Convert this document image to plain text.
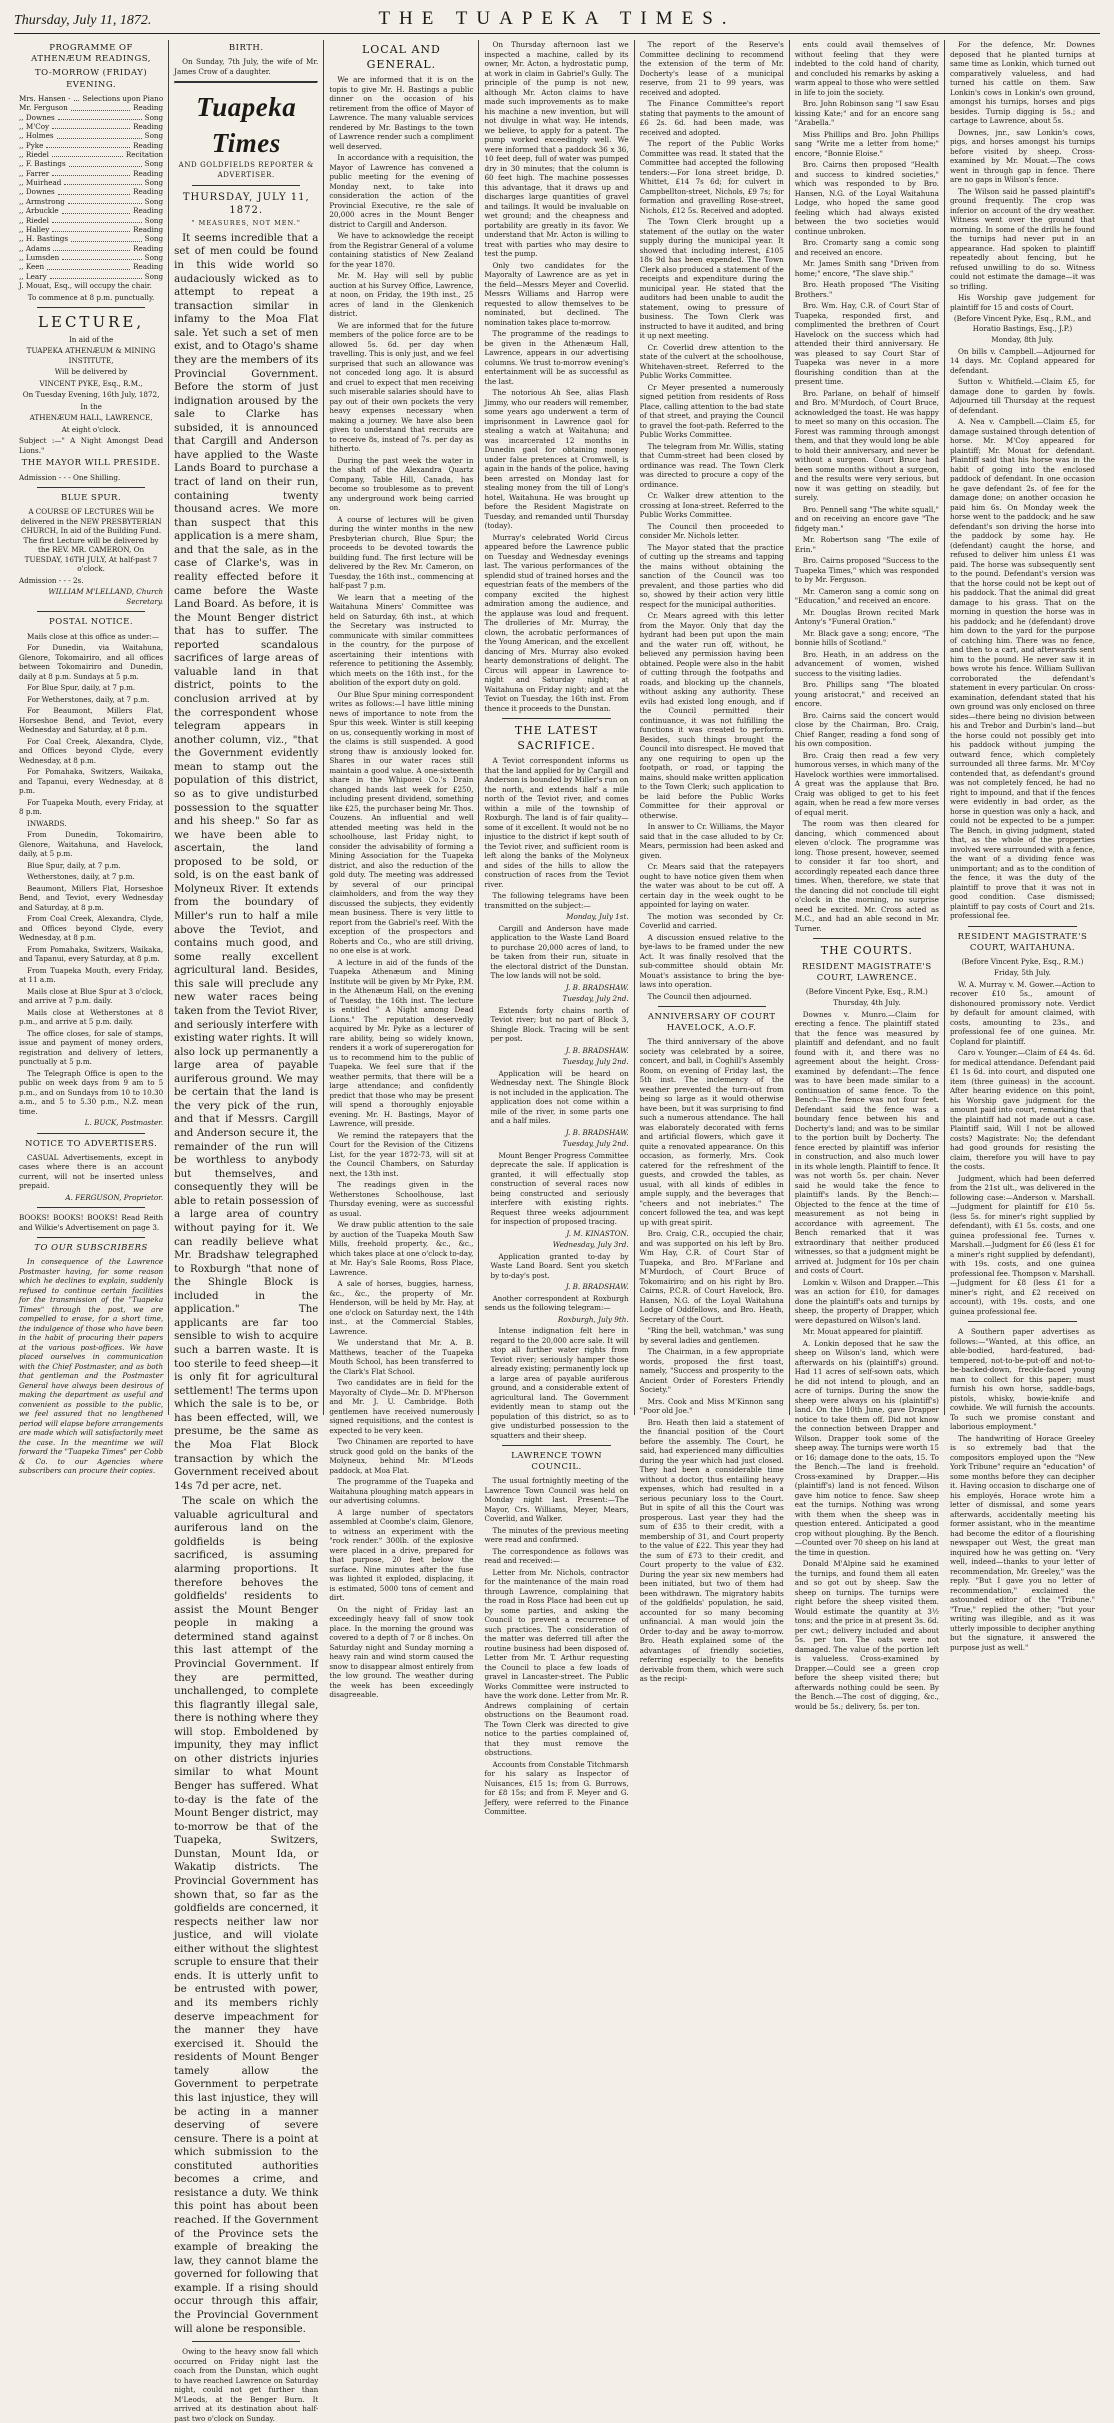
Thursday, July 11, 1872.	THE TUAPEKA TIMES.

PROGRAMME OF ATHENÆUM READINGS,

TO-MORROW (FRIDAY) EVENING.

Mrs. Hansen - Selections upon Piano
Mr. Ferguson	Reading
,, Downes	Song
,, M'Coy	Reading
,, Holmes	Song
,, Pyke	Reading
,, Riedel	Recitation
,, F. Bastings	Song
,, Farrer	Reading
,, Muirhead	Song
,, Downes	Reading
,, Armstrong	Song
,, Arbuckle	Reading
,, Riedel	Song
,, Halley	Reading
,, H. Bastings	Song
,, Adams	Reading
,, Lumsden	Song
,, Keen	Reading
,, Leary	Song

J. Mouat, Esq., will occupy the chair.

To commence at 8 p.m. punctually.

LECTURE,

In aid of the

TUAPEKA ATHENÆUM & MINING INSTITUTE,

Will be delivered by

VINCENT PYKE, Esq., R.M.,

On Tuesday Evening, 16th July, 1872,

In the

ATHENÆUM HALL, LAWRENCE,

At eight o'clock.

Subject :—" A Night Amongst Dead Lions."

THE MAYOR WILL PRESIDE.

Admission - - - One Shilling.

BLUE SPUR.

A COURSE OF LECTURES Will be delivered in the NEW PRESBYTERIAN CHURCH, In aid of the Building Fund. The first Lecture will be delivered by the REV. MR. CAMERON, On TUESDAY, 16TH JULY, At half-past 7 o'clock.

Admission - - - 2s.

WILLIAM M'LELLAND, Church Secretary.

POSTAL NOTICE.

Mails close at this office as under:—

For Dunedin, via Waitahuna, Glenore, Tokomairiro, and all offices between Tokomairiro and Dunedin, daily at 8 p.m. Sundays at 5 p.m.

For Blue Spur, daily, at 7 p.m.

For Wetherstones, daily, at 7 p.m.

For Beaumont, Millers Flat, Horseshoe Bend, and Teviot, every Wednesday and Saturday, at 8 p.m.

For Coal Creek, Alexandra, Clyde, and Offices beyond Clyde, every Wednesday, at 8 p.m.

For Pomahaka, Switzers, Waikaka, and Tapanui, every Wednesday, at 8 p.m.

For Tuapeka Mouth, every Friday, at 8 p.m.

INWARDS.

From Dunedin, Tokomairiro, Glenore, Waitahuna, and Havelock, daily, at 5 p.m.

Blue Spur, daily, at 7 p.m.

Wetherstones, daily, at 7 p.m.

Beaumont, Millers Flat, Horseshoe Bend, and Teviot, every Wednesday and Saturday, at 8 p.m.

From Coal Creek, Alexandra, Clyde, and Offices beyond Clyde, every Wednesday, at 8 p.m.

From Pomahaka, Switzers, Waikaka, and Tapanui, every Saturday, at 8 p.m.

From Tuapeka Mouth, every Friday, at 11 a.m.

Mails close at Blue Spur at 3 o'clock, and arrive at 7 p.m. daily.

Mails close at Wetherstones at 8 p.m., and arrive at 5 p.m. daily.

The office closes, for sale of stamps, issue and payment of money orders, registration and delivery of letters, punctually at 5 p.m.

The Telegraph Office is open to the public on week days from 9 am to 5 p.m., and on Sundays from 10 to 10.30 a.m., and 5 to 5.30 p.m., N.Z. mean time.

L. BUCK, Postmaster.

NOTICE TO ADVERTISERS.

CASUAL Advertisements, except in cases where there is an account current, will not be inserted unless prepaid.

A. FERGUSON, Proprietor.

BOOKS! BOOKS! BOOKS! Read Reith and Wilkie's Advertisement on page 3.

TO OUR SUBSCRIBERS

In consequence of the Lawrence Postmaster having, for some reason which he declines to explain, suddenly refused to continue certain facilities for the transmission of the "Tuapeka Times" through the post, we are compelled to erase, for a short time, the indulgence of those who have been in the habit of procuring their papers at the various post-offices. We have placed ourselves in communication with the Chief Postmaster, and as both that gentleman and the Postmaster General have always been desirous of making the department as useful and convenient as possible to the public, we feel assured that no lengthened period will elapse before arrangements are made which will satisfactorily meet the case. In the meantime we will forward the "Tuapeka Times" per Cobb & Co. to our Agencies where subscribers can procure their copies.

BIRTH.

On Sunday, 7th July, the wife of Mr. James Crow of a daughter.

Tuapeka Times
AND GOLDFIELDS REPORTER & ADVERTISER.
THURSDAY, JULY 11, 1872.
" MEASURES, NOT MEN."

It seems incredible that a set of men could be found in this wide world so audaciously wicked as to attempt to repeat a transaction similar in infamy to the Moa Flat sale. Yet such a set of men exist, and to Otago's shame they are the members of its Provincial Government. Before the storm of just indignation aroused by the sale to Clarke has subsided, it is announced that Cargill and Anderson have applied to the Waste Lands Board to purchase a tract of land on their run, containing twenty thousand acres. We more than suspect that this application is a mere sham, and that the sale, as in the case of Clarke's, was in reality effected before it came before the Waste Land Board. As before, it is the Mount Benger district that has to suffer. The reported scandalous sacrifices of large areas of valuable land in that district, points to the conclusion arrived at by the correspondent whose telegram appears in another column, viz., "that the Government evidently mean to stamp out the population of this district, so as to give undisturbed possession to the squatter and his sheep." So far as we have been able to ascertain, the land proposed to be sold, or sold, is on the east bank of Molyneux River. It extends from the boundary of Miller's run to half a mile above the Teviot, and contains much good, and some really excellent agricultural land. Besides, this sale will preclude any new water races being taken from the Teviot River, and seriously interfere with existing water rights. It will also lock up permanently a large area of payable auriferous ground. We may be certain that the land is the very pick of the run, and that if Messrs. Cargill and Anderson secure it, the remainder of the run will be worthless to anybody but themselves, and consequently they will be able to retain possession of a large area of country without paying for it. We can readily believe what Mr. Bradshaw telegraphed to Roxburgh "that none of the Shingle Block is included in the application." The applicants are far too sensible to wish to acquire such a barren waste. It is too sterile to feed sheep—it is only fit for agricultural settlement! The terms upon which the sale is to be, or has been effected, will, we presume, be the same as the Moa Flat Block transaction by which the Government received about 14s 7d per acre, net.

The scale on which the valuable agricultural and auriferous land on the goldfields is being sacrificed, is assuming alarming proportions. It therefore behoves the goldfields' residents to assist the Mount Benger people in making a determined stand against this last attempt of the Provincial Government. If they are permitted, unchallenged, to complete this flagrantly illegal sale, there is nothing where they will stop. Emboldened by impunity, they may inflict on other districts injuries similar to what Mount Benger has suffered. What to-day is the fate of the Mount Benger district, may to-morrow be that of the Tuapeka, Switzers, Dunstan, Mount Ida, or Wakatip districts. The Provincial Government has shown that, so far as the goldfields are concerned, it respects neither law nor justice, and will violate either without the slightest scruple to ensure that their ends. It is utterly unfit to be entrusted with power, and its members richly deserve impeachment for the manner they have exercised it. Should the residents of Mount Benger tamely allow the Government to perpetrate this last injustice, they will be acting in a manner deserving of severe censure. There is a point at which submission to the constituted authorities becomes a crime, and resistance a duty. We think this point has about been reached. If the Government of the Province sets the example of breaking the law, they cannot blame the governed for following that example. If a rising should occur through this affair, the Provincial Government will alone be responsible.

Owing to the heavy snow fall which occurred on Friday night last the coach from the Dunstan, which ought to have reached Lawrence on Saturday night, could not get further than M'Leods, at the Benger Burn. It arrived at its destination about half-past two o'clock on Sunday.

LOCAL AND GENERAL.

We are informed that it is on the topis to give Mr. H. Bastings a public dinner on the occasion of his retirement from the office of Mayor of Lawrence. The many valuable services rendered by Mr. Bastings to the town of Lawrence render such a compliment well deserved.

In accordance with a requisition, the Mayor of Lawrence has convened a public meeting for the evening of Monday next, to take into consideration the action of the Provincial Executive, re the sale of 20,000 acres in the Mount Benger district to Cargill and Anderson.

We have to acknowledge the receipt from the Registrar General of a volume containing statistics of New Zealand for the year 1870.

Mr. M. Hay will sell by public auction at his Survey Office, Lawrence, at noon, on Friday, the 19th inst., 25 acres of land in the Glenkenich district.

We are informed that for the future members of the police force are to be allowed 5s. 6d. per day when travelling. This is only just, and we feel surprised that such an allowance was not conceded long ago. It is absurd and cruel to expect that men receiving such miserable salaries should have to pay out of their own pockets the very heavy expenses necessary when making a journey. We have also been given to understand that recruits are to receive 8s, instead of 7s. per day as hitherto.

During the past week the water in the shaft of the Alexandra Quartz Company, Table Hill, Canada, has become so troublesome as to prevent any underground work being carried on.

A course of lectures will be given during the winter months in the new Presbyterian church, Blue Spur; the proceeds to be devoted towards the building fund. The first lecture will be delivered by the Rev. Mr. Cameron, on Tuesday, the 16th inst., commencing at half-past 7 p.m.

We learn that a meeting of the Waitahuna Miners' Committee was held on Saturday, 6th inst., at which the Secretary was instructed to communicate with similar committees in the country, for the purpose of ascertaining their intentions with reference to petitioning the Assembly, which meets on the 16th inst., for the abolition of the export duty on gold.

Our Blue Spur mining correspondent writes as follows:—I have little mining news of importance to note from the Spur this week. Winter is still keeping on us, consequently working in most of the claims is still suspended. A good strong thaw is anxiously looked for. Shares in our water races still maintain a good value. A one-sixteenth share in the Whiporei Co.'s Drain changed hands last week for £250, including present dividend, something like £25, the purchaser being Mr. Thos. Couzens. An influential and well attended meeting was held in the schoolhouse, last Friday night, to consider the advisability of forming a Mining Association for the Tuapeka district, and also the reduction of the gold duty. The meeting was addressed by several of our principal claimholders, and from the way they discussed the subjects, they evidently mean business. There is very little to report from the Gabriel's reef. With the exception of the prospectors and Roberts and Co., who are still driving, no one else is at work.

A lecture in aid of the funds of the Tuapeka Athenæum and Mining Institute will be given by Mr Pyke, P.M. in the Athenæum Hall, on the evening of Tuesday, the 16th inst. The lecture is entitled " A Night among Dead Lions." The reputation deservedly acquired by Mr. Pyke as a lecturer of rare ability, being so widely known, renders it a work of supererogation for us to recommend him to the public of Tuapeka. We feel sure that if the weather permits, that there will be a large attendance; and confidently predict that those who may be present will spend a thoroughly enjoyable evening. Mr. H. Bastings, Mayor of Lawrence, will preside.

We remind the ratepayers that the Court for the Revision of the Citizens List, for the year 1872-73, will sit at the Council Chambers, on Saturday next, the 13th inst.

The readings given in the Wetherstones Schoolhouse, last Thursday evening, were as successful as usual.

We draw public attention to the sale by auction of the Tuapeka Mouth Saw Mills, freehold property, &c., &c., which takes place at one o'clock to-day, at Mr. Hay's Sale Rooms, Ross Place, Lawrence.

A sale of horses, buggies, harness, &c., &c., the property of Mr. Henderson, will be held by Mr. Hay, at one o'clock on Saturday next, the 14th inst., at the Commercial Stables, Lawrence.

We understand that Mr. A. B. Matthews, teacher of the Tuapeka Mouth School, has been transferred to the Clark's Flat School.

Two candidates are in field for the Mayoralty of Clyde—Mr. D. M'Pherson and Mr. J. U. Cambridge. Both gentlemen have received numerously signed requisitions, and the contest is expected to be very keen.

Two Chinamen are reported to have struck good gold on the banks of the Molyneux, behind Mr. M'Leods paddock, at Moa Flat.

The programme of the Tuapeka and Waitahuna ploughing match appears in our advertising columns.

A large number of spectators assembled at Coombe's claim, Glenore, to witness an experiment with the "rock render." 300lb. of the explosive were placed in a drive, prepared for that purpose, 20 feet below the surface. Nine minutes after the fuse was lighted it exploded, displacing, it is estimated, 5000 tons of cement and dirt.

On the night of Friday last an exceedingly heavy fall of snow took place. In the morning the ground was covered to a depth of 7 or 8 inches. On Saturday night and Sunday morning a heavy rain and wind storm caused the snow to disappear almost entirely from the low ground. The weather during the week has been exceedingly disagreeable.

On Thursday afternoon last we inspected a machine, called by its owner, Mr. Acton, a hydrostatic pump, at work in claim in Gabriel's Gully. The principle of the pump is not new, although Mr. Acton claims to have made such improvements as to make his machine a new invention, but will not divulge in what way. He intends, we believe, to apply for a patent. The pump worked exceedingly well. We were informed that a paddock 36 x 36, 10 feet deep, full of water was pumped dry in 30 minutes; that the column is 60 feet high. The machine possesses this advantage, that it draws up and discharges large quantities of gravel and tailings. It would be invaluable on wet ground; and the cheapness and portability are greatly in its favor. We understand that Mr. Acton is willing to treat with parties who may desire to test the pump.

Only two candidates for the Mayoralty of Lawrence are as yet in the field—Messrs Meyer and Coverlid. Messrs Williams and Harrop were requested to allow themselves to be nominated, but declined. The nomination takes place to-morrow.

The programme of the readings to be given in the Athenæum Hall, Lawrence, appears in our advertising columns. We trust to-morrow evening's entertainment will be as successful as the last.

The notorious Ah See, alias Flash Jimmy, who our readers will remember, some years ago underwent a term of imprisonment in Lawrence gaol for stealing a watch at Waitahuna; and was incarcerated 12 months in Dunedin gaol for obtaining money under false pretences at Cromwell, is again in the hands of the police, having been arrested on Monday last for stealing money from the till of Long's hotel, Waitahuna. He was brought up before the Resident Magistrate on Tuesday, and remanded until Thursday (today).

Murray's celebrated World Circus appeared before the Lawrence public on Tuesday and Wednesday evenings last. The various performances of the splendid stud of trained horses and the equestrian feats of the members of the company excited the highest admiration among the audience, and the applause was loud and frequent. The drolleries of Mr. Murray, the clown, the acrobatic performances of the Young American, and the excellent dancing of Mrs. Murray also evoked hearty demonstrations of delight. The Circus will appear in Lawrence to-night and Saturday night; at Waitahuna on Friday night; and at the Teviot on Tuesday, the 16th inst. From thence it proceeds to the Dunstan.

THE LATEST SACRIFICE.

A Teviot correspondent informs us that the land applied for by Cargill and Anderson is bounded by Miller's run on the north, and extends half a mile north of the Teviot river, and comes within a mile of the township of Roxburgh. The land is of fair quality—some of it excellent. It would not be no injustice to the district if kept south of the Teviot river, and sufficient room is left along the banks of the Molyneux and sides of the hills to allow the construction of races from the Teviot river.

The following telegrams have been transmitted on the subject:—

Monday, July 1st.

Cargill and Anderson have made application to the Waste Land Board to purchase 20,000 acres of land, to be taken from their run, situate in the electoral district of the Dunstan. The low lands will not be sold.

J. B. BRADSHAW.

Tuesday, July 2nd.

Extends forty chains north of Teviot river; but no part of Block 3, Shingle Block. Tracing will be sent per post.

J. B. BRADSHAW.

Tuesday, July 2nd.

Application will be heard on Wednesday next. The Shingle Block is not included in the application. The application does not come within a mile of the river, in some parts one and a half miles.

J. B. BRADSHAW.

Tuesday, July 2nd.

Mount Benger Progress Committee deprecate the sale. If application is granted, it will effectually stop construction of several races now being constructed and seriously interfere with existing rights. Request three weeks adjournment for inspection of proposed tracing.

J. M. KINASTON.

Wednesday, July 3rd.

Application granted to-day by Waste Land Board. Sent you sketch by to-day's post.

J. B. BRADSHAW.

Another correspondent at Roxburgh sends us the following telegram:—

Roxburgh, July 9th.

Intense indignation felt here in regard to the 20,000 acre sale. It will stop all further water rights from Teviot river; seriously hamper those already existing; permanently lock up a large area of payable auriferous ground, and a considerable extent of agricultural land. The Government evidently mean to stamp out the population of this district, so as to give undisturbed possession to the squatters and their sheep.

LAWRENCE TOWN COUNCIL.

The usual fortnightly meeting of the Lawrence Town Council was held on Monday night last. Present:—The Mayor, Crs. Williams, Meyer, Mears, Coverlid, and Walker.

The minutes of the previous meeting were read and confirmed.

The correspondence as follows was read and received:—

Letter from Mr. Nichols, contractor for the maintenance of the main road through Lawrence, complaining that the road in Ross Place had been cut up by some parties, and asking the Council to prevent a recurrence of such practices. The consideration of the matter was deferred till after the routine business had been disposed of. Letter from Mr. T. Arthur requesting the Council to place a few loads of gravel in Lancaster-street. The Public Works Committee were instructed to have the work done. Letter from Mr. R. Andrews complaining of certain obstructions on the Beaumont road. The Town Clerk was directed to give notice to the parties complained of, that they must remove the obstructions.

Accounts from Constable Titchmarsh for his salary as Inspector of Nuisances, £15 1s; from G. Burrows, for £8 15s; and from F. Meyer and G. Jeffery, were referred to the Finance Committee.

The report of the Reserve's Committee declining to recommend the extension of the term of Mr. Docherty's lease of a municipal reserve, from 21 to 99 years, was received and adopted.

The Finance Committee's report stating that payments to the amount of £6 2s. 6d. had been made, was received and adopted.

The report of the Public Works Committee was read. It stated that the Committee had accepted the following tenders:—For Iona street bridge, D. Whittet, £14 7s 6d; for culvert in Campbellton-street, Nichols, £9 7s; for formation and gravelling Rose-street, Nichols, £12 5s. Received and adopted.

The Town Clerk brought up a statement of the outlay on the water supply during the municipal year. It showed that including interest, £105 18s 9d has been expended. The Town Clerk also produced a statement of the receipts and expenditure during the municipal year. He stated that the auditors had been unable to audit the statement, owing to pressure of business. The Town Clerk was instructed to have it audited, and bring it up next meeting.

Cr. Coverlid drew attention to the state of the culvert at the schoolhouse, Whitehaven-street. Referred to the Public Works Committee.

Cr Meyer presented a numerously signed petition from residents of Ross Place, calling attention to the bad state of that street, and praying the Council to gravel the foot-path. Referred to the Public Works Committee.

The telegram from Mr. Willis, stating that Cumm-street had been closed by ordinance was read. The Town Clerk was directed to procure a copy of the ordinance.

Cr. Walker drew attention to the crossing at Iona-street. Referred to the Public Works Committee.

The Council then proceeded to consider Mr. Nichols letter.

The Mayor stated that the practice of cutting up the streams and tapping the mains without obtaining the sanction of the Council was too prevalent, and those parties who did so, showed by their action very little respect for the municipal authorities.

Cr. Mears agreed with this letter from the Mayor. Only that day the hydrant had been put upon the main and the water run off, without, he believed any permission having been obtained. People were also in the habit of cutting through the footpaths and roads, and blocking up the channels, without asking any authority. These evils had existed long enough, and if the Council permitted their continuance, it was not fulfilling the functions it was created to perform. Besides, such things brought the Council into disrespect. He moved that any one requiring to open up the footpath, or road, or tapping the mains, should make written application to the Town Clerk; such application to be laid before the Public Works Committee for their approval or otherwise.

In answer to Cr. Williams, the Mayor said that in the case alluded to by Cr. Mears, permission had been asked and given.

Cr. Mears said that the ratepayers ought to have notice given them when the water was about to be cut off. A certain day in the week ought to be appointed for laying on water.

The motion was seconded by Cr. Coverlid and carried.

A discussion ensued relative to the bye-laws to be framed under the new Act. It was finally resolved that the sub-committee should obtain Mr. Mouat's assistance to bring the bye-laws into operation.

The Council then adjourned.

ANNIVERSARY OF COURT HAVELOCK, A.O.F.

The third anniversary of the above society was celebrated by a soiree, concert, and ball, in Coghill's Assembly Room, on evening of Friday last, the 5th inst. The inclemency of the weather prevented the turn-out from being so large as it would otherwise have been, but it was surprising to find such a numerous attendance. The hall was elaborately decorated with ferns and artificial flowers, which gave it quite a renovated appearance. On this occasion, as formerly, Mrs. Cook catered for the refreshment of the guests, and crowded the tables, as usual, with all kinds of edibles in ample supply, and the beverages that "cheers and not inebriates." The concert followed the tea, and was kept up with great spirit.

Bro. Craig, C.R., occupied the chair, and was supported on his left by Bro. Wm Hay, C.R. of Court Star of Tuapeka, and Bro. M'Farlane and M'Murdoch, of Court Bruce of Tokomairiro; and on his right by Bro. Cairns, P.C.R. of Court Havelock, Bro. Hansen, N.G. of the Loyal Waitahuna Lodge of Oddfellows, and Bro. Heath, Secretary of the Court.

"Ring the bell, watchman," was sung by several ladies and gentlemen.

The Chairman, in a few appropriate words, proposed the first toast, namely, "Success and prosperity to the Ancient Order of Foresters Friendly Society."

Mrs. Cook and Miss M'Kinnon sang "Poor old Joe."

Bro. Heath then laid a statement of the financial position of the Court before the assembly. The Court, he said, had experienced many difficulties during the year which had just closed. They had been a considerable time without a doctor, thus entailing heavy expenses, which had resulted in a serious pecuniary loss to the Court. But in spite of all this the Court was prosperous. Last year they had the sum of £35 to their credit, with a membership of 31, and Court property to the value of £22. This year they had the sum of £73 to their credit, and Court property to the value of £32. During the year six new members had been initiated, but two of them had been withdrawn. The migratory habits of the goldfields' population, he said, accounted for so many becoming unfinancial. A man would join the Order to-day and be away to-morrow. Bro. Heath explained some of the advantages of friendly societies, referring especially to the benefits derivable from them, which were such as the recipi-

ents could avail themselves of without feeling that they were indebted to the cold hand of charity, and concluded his remarks by asking a warm appeal to those who were settled in life to join the society.

Bro. John Robinson sang "I saw Esau kissing Kate;" and for an encore sang "Arabella."

Miss Phillips and Bro. John Phillips sang "Write me a letter from home;" encore, "Bonnie Eloise."

Bro. Cairns then proposed "Health and success to kindred societies," which was responded to by Bro. Hansen, N.G. of the Loyal Waitahuna Lodge, who hoped the same good feeling which had always existed between the two societies would continue unbroken.

Bro. Cromarty sang a comic song and received an encore.

Mr. James Smith sang "Driven from home;" encore, "The slave ship."

Bro. Heath proposed "The Visiting Brothers."

Bro. Wm. Hay, C.R. of Court Star of Tuapeka, responded first, and complimented the brethren of Court Havelock on the success which had attended their third anniversary. He was pleased to say Court Star of Tuapeka was never in a more flourishing condition than at the present time.

Bro. Parlane, on behalf of himself and Bro. M'Murdoch, of Court Bruce, acknowledged the toast. He was happy to meet so many on this occasion. The Forest was ramming through amongst them, and that they would long be able to hold their anniversary, and never be without a surgeon. Court Bruce had been some months without a surgeon, and the results were very serious, but now it was getting on steadily, but surely.

Bro. Pennell sang "The white squall," and on receiving an encore gave "The fidgety man."

Mr. Robertson sang "The exile of Erin."

Bro. Cairns proposed "Success to the Tuapeka Times," which was responded to by Mr. Ferguson.

Mr. Cameron sang a comic song on "Education," and received an encore.

Mr. Douglas Brown recited Mark Antony's "Funeral Oration."

Mr. Black gave a song; encore, "The bonnie hills of Scotland."

Bro. Heath, in an address on the advancement of women, wished success to the visiting ladies.

Bro. Phillips sang "The bloated young aristocrat," and received an encore.

Bro. Cairns said the concert would close by the Chairman, Bro. Craig, Chief Ranger, reading a fond song of his own composition.

Bro. Craig then read a few very humorous verses, in which many of the Havelock worthies were immortalised. A great was the applause that Bro. Craig was obliged to get to his feet again, when he read a few more verses of equal merit.

The room was then cleared for dancing, which commenced about eleven o'clock. The programme was long. Those present, however, seemed to consider it far too short, and accordingly repeated each dance three times. When, therefore, we state that the dancing did not conclude till eight o'clock in the morning, no surprise need be excited. Mr. Cross acted as M.C., and had an able second in Mr. Turner.

THE COURTS.

RESIDENT MAGISTRATE'S COURT, LAWRENCE.

(Before Vincent Pyke, Esq., R.M.)

Thursday, 4th July.

Downes v. Munro.—Claim for erecting a fence. The plaintiff stated that the fence was measured by plaintiff and defendant, and no fault found with it, and there was no agreement about the height. Cross-examined by defendant:—The fence was to have been made similar to a continuation of same fence. To the Bench:—The fence was not four feet. Defendant said the fence was a boundary fence between his and Docherty's land; and was to be similar to the portion built by Docherty. The fence erected by plaintiff was inferior in construction, and also much lower in its whole length. Plaintiff to fence. It was not worth 5s. per chain. Never said he would take the fence to plaintiff's lands. By the Bench:—Objected to the fence at the time of measurement as not being in accordance with agreement. The Bench remarked that it was extraordinary that neither produced witnesses, so that a judgment might be arrived at. Judgment for 10s per chain and costs of Court.

Lomkin v. Wilson and Drapper.—This was an action for £10, for damages done the plaintiff's oats and turnips by sheep, the property of Drapper, which were depastured on Wilson's land.

Mr. Mouat appeared for plaintiff.

A. Lonkin deposed that he saw the sheep on Wilson's land, which were afterwards on his (plaintiff's) ground. Had 11 acres of self-sown oats, which he did not intend to plough, and an acre of turnips. During the snow the sheep were always on his (plaintiff's) land. On the 10th June, gave Drapper notice to take them off. Did not know the connection between Drapper and Wilson. Drapper took some of the sheep away. The turnips were worth 15 or 16; damage done to the oats, 15. To the Bench.—The land is freehold. Cross-examined by Drapper.—His (plaintiff's) land is not fenced. Wilson gave him notice to fence. Saw sheep eat the turnips. Nothing was wrong with them when the sheep was in question entered. Anticipated a good crop without ploughing. By the Bench.—Counted over 70 sheep on his land at the time in question.

Donald M'Alpine said he examined the turnips, and found them all eaten and so got out by sheep. Saw the sheep on turnips. The turnips were right before the sheep visited them. Would estimate the quantity at 3½ tons; and the price in at present 3s. 6d. per cwt.; delivery included and about 5s. per ton. The oats were not damaged. The value of the portion left is valueless. Cross-examined by Drapper.—Could see a green crop before the sheep visited there; but afterwards nothing could be seen. By the Bench.—The cost of digging, &c., would be 5s.; delivery, 5s. per ton.

For the defence, Mr. Downes deposed that he planted turnips at same time as Lonkin, which turned out comparatively valueless, and had turned his cattle on them. Saw Lonkin's cows in Lonkin's own ground, amongst his turnips, horses and pigs besides. Turnip digging is 5s.; and cartage to Lawrence, about 5s.

Downes, jnr., saw Lonkin's cows, pigs, and horses amongst his turnips before visited by sheep. Cross-examined by Mr. Mouat.—The cows went in through gap in fence. There are no gaps in Wilson's fence.

The Wilson said he passed plaintiff's ground frequently. The crop was inferior on account of the dry weather. Witness went over the ground that morning. In some of the drills he found the turnips had never put in an appearance. Had spoken to plaintiff repeatedly about fencing, but he refused unwilling to do so. Witness could not estimate the damage—it was so trifling.

His Worship gave judgement for plaintiff for 15 and costs of Court.

(Before Vincent Pyke, Esq., R.M., and Horatio Bastings, Esq., J.P.)

Monday, 8th July.

On bills v. Campbell.—Adjourned for 14 days. Mr. Copland appeared for defendant.

Sutton v. Whitfield.—Claim £5, for damage done to garden by fowls. Adjourned till Thursday at the request of defendant.

A. Nea v. Campbell.—Claim £5, for damage sustained through detention of horse. Mr. M'Coy appeared for plaintiff; Mr. Mouat for defendant. Plaintiff said that his horse was in the habit of going into the enclosed paddock of defendant. In one occasion he gave defendant 2s. of fee for the damage done; on another occasion he paid him 6s. On Monday week the horse went to the paddock; and he saw defendant's son driving the horse into the paddock by some hay. He (defendant) caught the horse, and refused to deliver him unless £1 was paid. The horse was subsequently sent to the pound. Defendant's version was that the horse could not be kept out of his paddock. That the animal did great damage to his grass. That on the morning in question the horse was in his paddock; and he (defendant) drove him down to the yard for the purpose of catching him. There was no fence, and then to a cart, and afterwards sent him to the pound. He never saw it in bows wrote his fence. William Sullivan corroborated the defendant's statement in every particular. On cross-examination, defendant stated that his own ground was only enclosed on three sides—there being no division between his and Trebor and Durbin's land—but the horse could not possibly get into his paddock without jumping the outward fence, which completely surrounded all three farms. Mr. M'Coy contended that, as defendant's ground was not completely fenced, he had no right to impound, and that if the fences were evidently in bad order, as the horse in question was only a hack, and could not be expected to be a jumper. The Bench, in giving judgment, stated that, as the whole of the properties involved were surrounded with a fence, the want of a dividing fence was unimportant; and as to the condition of the fence, it was the duty of the plaintiff to prove that it was not in good condition. Case dismissed; plaintiff to pay costs of Court and 21s. professional fee.

RESIDENT MAGISTRATE'S COURT, WAITAHUNA.

(Before Vincent Pyke, Esq., R.M.)

Friday, 5th July.

W. A. Murray v. M. Gower.—Action to recover £10 5s., amount of dishonoured promissory note. Verdict by default for amount claimed, with costs, amounting to 23s., and professional fee of one guinea. Mr. Copland for plaintiff.

Caro v. Younger.—Claim of £4 4s. 6d. for medical attendance. Defendant paid £1 1s 6d. into court, and disputed one item (three guineas) in the account. After hearing evidence on this point, his Worship gave judgment for the amount paid into court, remarking that the plaintiff had not made out a case. Plaintiff said, Will I not be allowed costs? Magistrate: No; the defendant had good grounds for resisting the claim, therefore you will have to pay the costs.

Judgment, which had been deferred from the 21st ult., was delivered in the following case:—Anderson v. Marshall.—Judgment for plaintiff for £10 5s. (less 5s. for miner's right supplied by defendant), with £1 5s. costs, and one guinea professional fee. Turnes v. Marshall.—Judgment for £6 (less £1 for a miner's right supplied by defendant), with 19s. costs, and one guinea professional fee. Thompson v. Marshall.—Judgment for £8 (less £1 for a miner's right, and £2 received on account), with 19s. costs, and one guinea professional fee.

A Southern paper advertises as follows:—"Wanted, at this office, an able-bodied, hard-featured, bad-tempered, not-to-be-put-off and not-to-be-backed-down, freckle-faced young man to collect for this paper; must furnish his own horse, saddle-bags, pistols, whisky, bowie-knife and cowhide. We will furnish the accounts. To such we promise constant and laborious employment."

The handwriting of Horace Greeley is so extremely bad that the compositors employed upon the "New York Tribune" require an "education" of some months before they can decipher it. Having occasion to discharge one of his employés, Horace wrote him a letter of dismissal, and some years afterwards, accidentally meeting his former assistant, who in the meantime had become the editor of a flourishing newspaper out West, the great man inquired how he was getting on. "Very well, indeed—thanks to your letter of recommendation, Mr. Greeley," was the reply. "But I gave you no letter of recommendation," exclaimed the astounded editor of the "Tribune." "True," replied the other; "but your writing was illegible, and as it was utterly impossible to decipher anything but the signature, it answered the purpose just as well."
